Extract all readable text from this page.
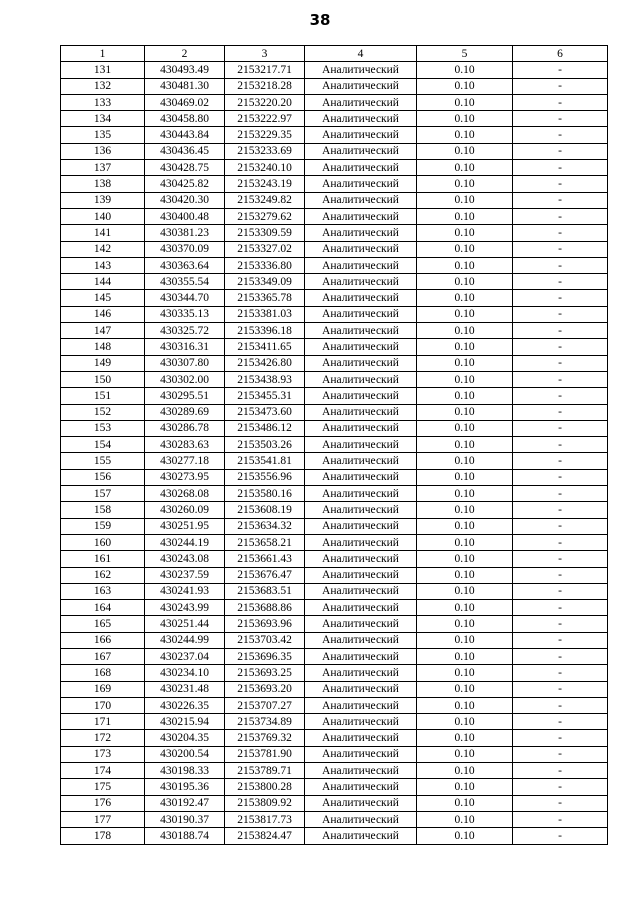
38
1	2	3	4	5	6
131	430493.49	2153217.71	Аналитический	0.10	-
132	430481.30	2153218.28	Аналитический	0.10	-
133	430469.02	2153220.20	Аналитический	0.10	-
134	430458.80	2153222.97	Аналитический	0.10	-
135	430443.84	2153229.35	Аналитический	0.10	-
136	430436.45	2153233.69	Аналитический	0.10	-
137	430428.75	2153240.10	Аналитический	0.10	-
138	430425.82	2153243.19	Аналитический	0.10	-
139	430420.30	2153249.82	Аналитический	0.10	-
140	430400.48	2153279.62	Аналитический	0.10	-
141	430381.23	2153309.59	Аналитический	0.10	-
142	430370.09	2153327.02	Аналитический	0.10	-
143	430363.64	2153336.80	Аналитический	0.10	-
144	430355.54	2153349.09	Аналитический	0.10	-
145	430344.70	2153365.78	Аналитический	0.10	-
146	430335.13	2153381.03	Аналитический	0.10	-
147	430325.72	2153396.18	Аналитический	0.10	-
148	430316.31	2153411.65	Аналитический	0.10	-
149	430307.80	2153426.80	Аналитический	0.10	-
150	430302.00	2153438.93	Аналитический	0.10	-
151	430295.51	2153455.31	Аналитический	0.10	-
152	430289.69	2153473.60	Аналитический	0.10	-
153	430286.78	2153486.12	Аналитический	0.10	-
154	430283.63	2153503.26	Аналитический	0.10	-
155	430277.18	2153541.81	Аналитический	0.10	-
156	430273.95	2153556.96	Аналитический	0.10	-
157	430268.08	2153580.16	Аналитический	0.10	-
158	430260.09	2153608.19	Аналитический	0.10	-
159	430251.95	2153634.32	Аналитический	0.10	-
160	430244.19	2153658.21	Аналитический	0.10	-
161	430243.08	2153661.43	Аналитический	0.10	-
162	430237.59	2153676.47	Аналитический	0.10	-
163	430241.93	2153683.51	Аналитический	0.10	-
164	430243.99	2153688.86	Аналитический	0.10	-
165	430251.44	2153693.96	Аналитический	0.10	-
166	430244.99	2153703.42	Аналитический	0.10	-
167	430237.04	2153696.35	Аналитический	0.10	-
168	430234.10	2153693.25	Аналитический	0.10	-
169	430231.48	2153693.20	Аналитический	0.10	-
170	430226.35	2153707.27	Аналитический	0.10	-
171	430215.94	2153734.89	Аналитический	0.10	-
172	430204.35	2153769.32	Аналитический	0.10	-
173	430200.54	2153781.90	Аналитический	0.10	-
174	430198.33	2153789.71	Аналитический	0.10	-
175	430195.36	2153800.28	Аналитический	0.10	-
176	430192.47	2153809.92	Аналитический	0.10	-
177	430190.37	2153817.73	Аналитический	0.10	-
178	430188.74	2153824.47	Аналитический	0.10	-
